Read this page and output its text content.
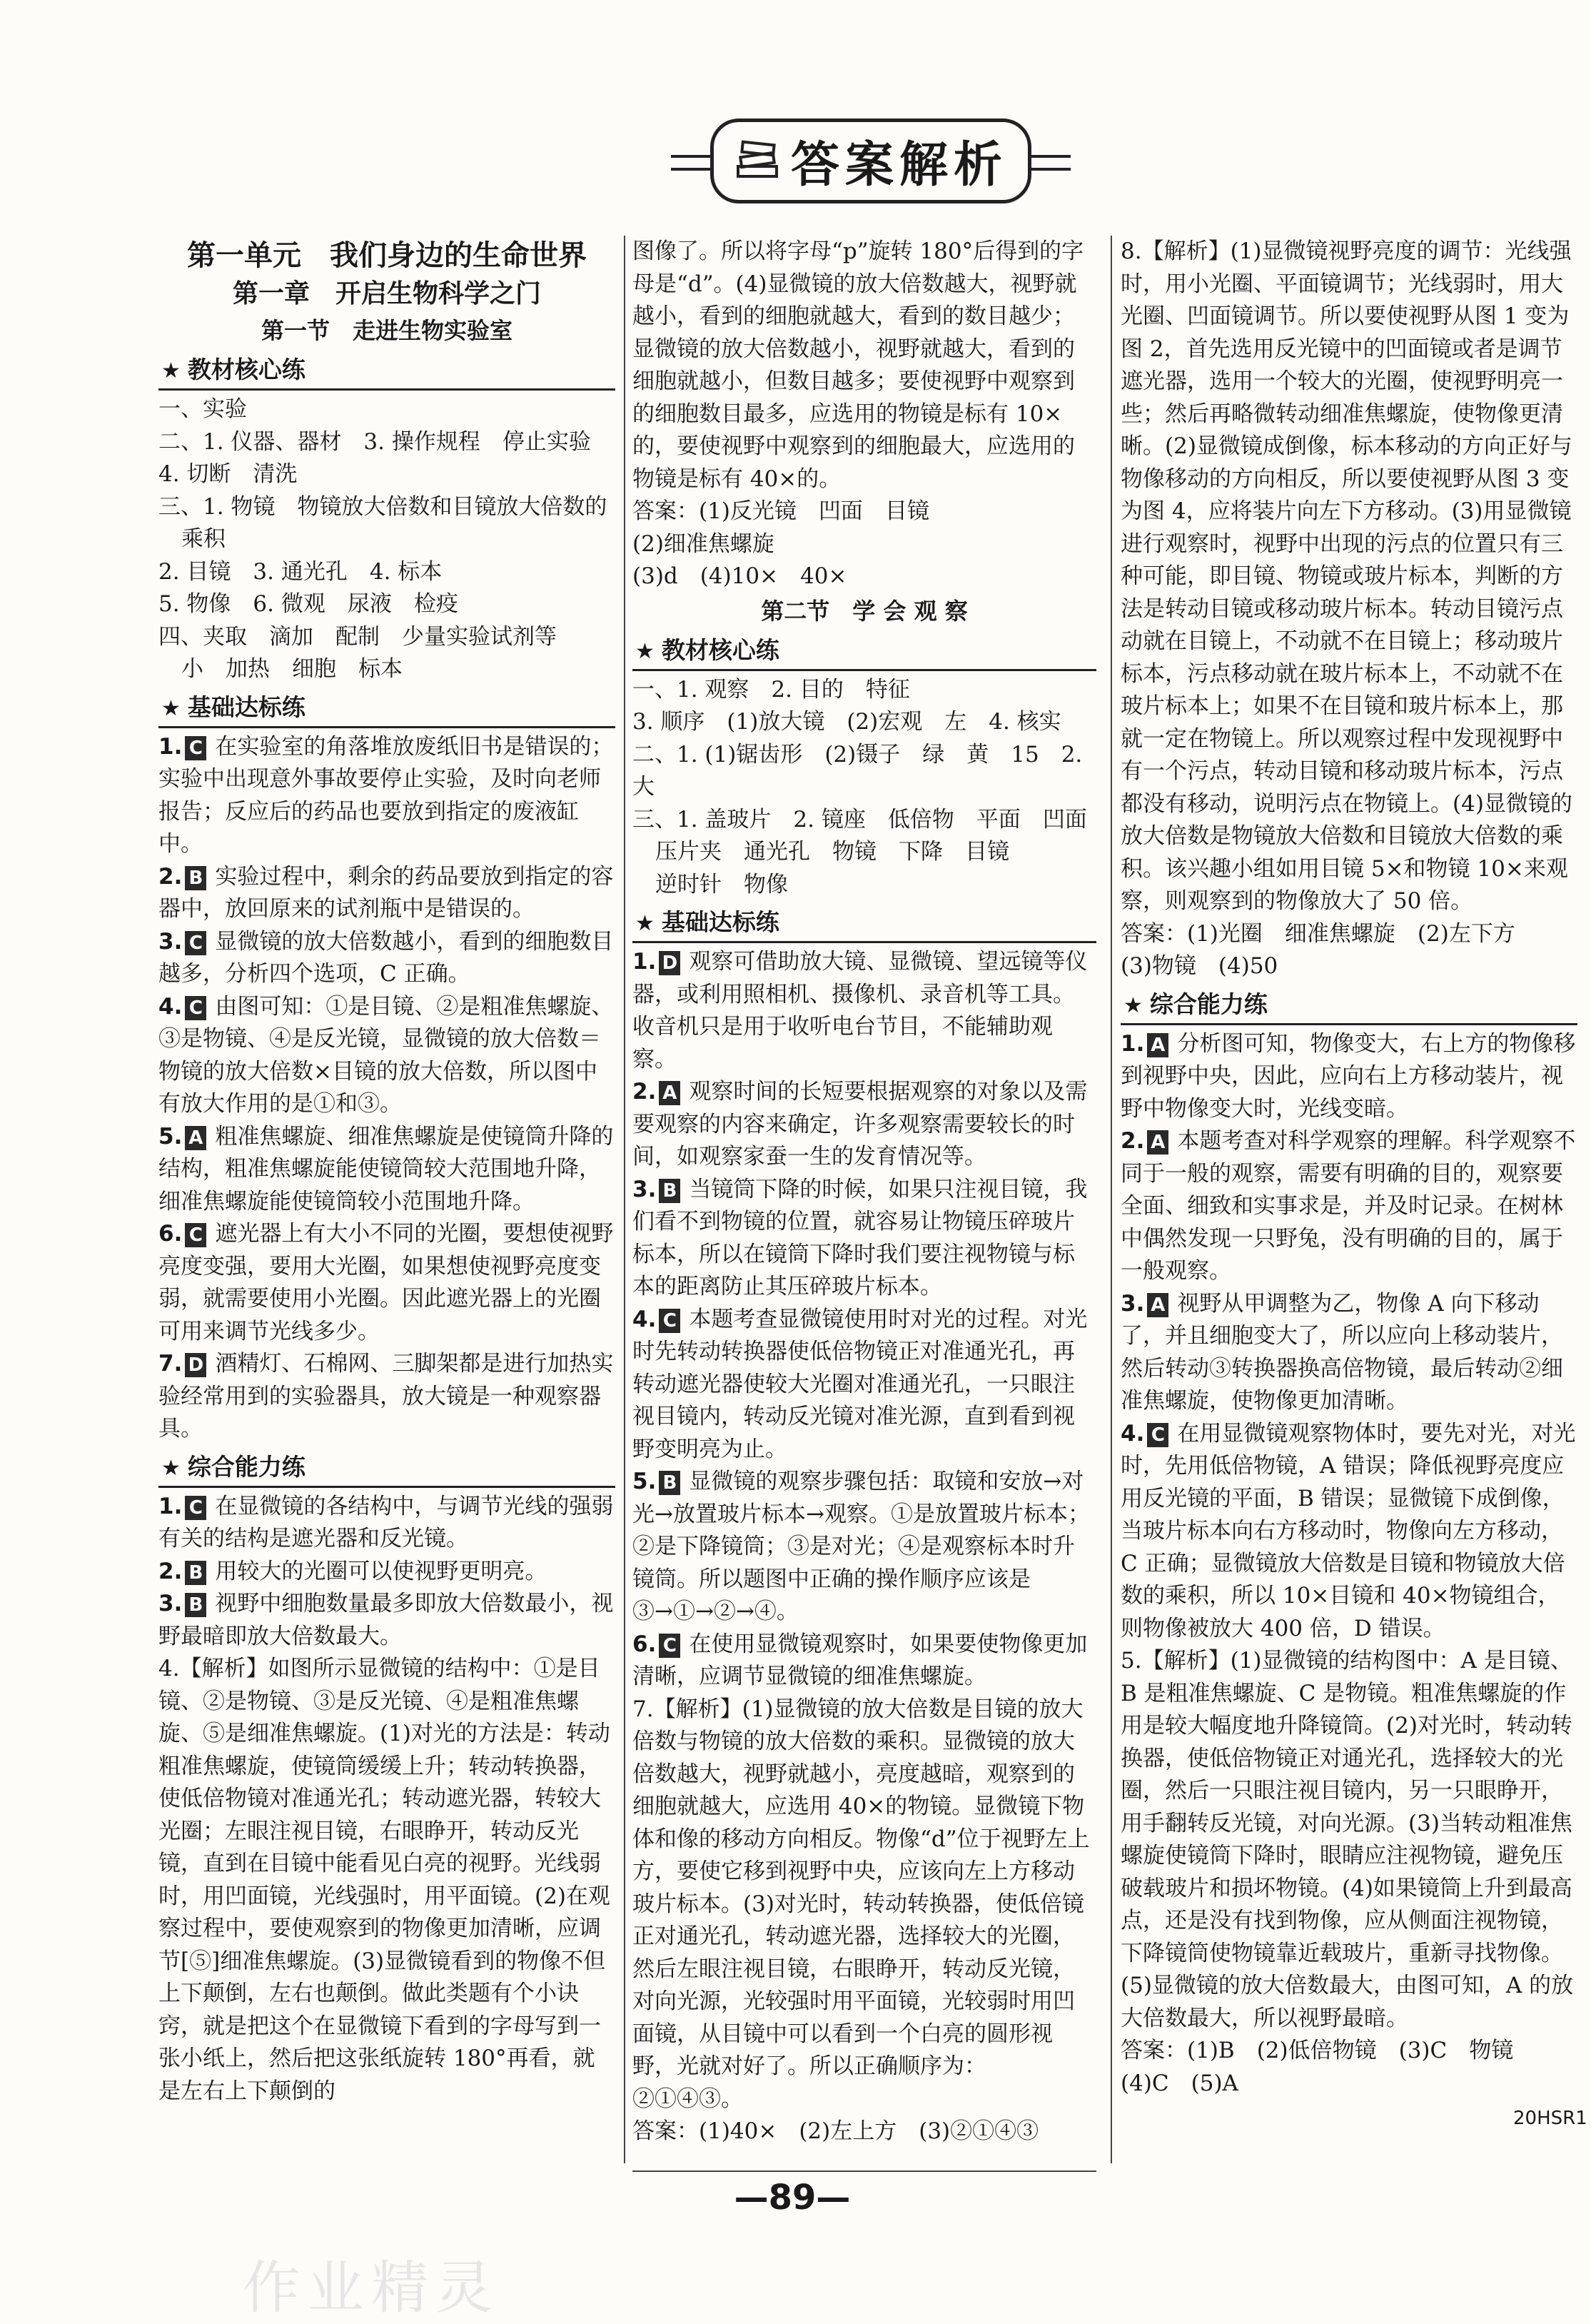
答案解析
第一单元　我们身边的生命世界
第一章　开启生物科学之门
第一节　走进生物实验室
★ 教材核心练

一、实验

二、1. 仪器、器材　3. 操作规程　停止实验

4. 切断　清洗

三、1. 物镜　物镜放大倍数和目镜放大倍数的

乘积

2. 目镜　3. 通光孔　4. 标本

5. 物像　6. 微观　尿液　检疫

四、夹取　滴加　配制　少量实验试剂等

小　加热　细胞　标本

★ 基础达标练

1. C 在实验室的角落堆放废纸旧书是错误的；实验中出现意外事故要停止实验，及时向老师报告；反应后的药品也要放到指定的废液缸中。

2. B 实验过程中，剩余的药品要放到指定的容器中，放回原来的试剂瓶中是错误的。

3. C 显微镜的放大倍数越小，看到的细胞数目越多，分析四个选项，C 正确。

4. C 由图可知：①是目镜、②是粗准焦螺旋、③是物镜、④是反光镜，显微镜的放大倍数＝物镜的放大倍数×目镜的放大倍数，所以图中有放大作用的是①和③。

5. A 粗准焦螺旋、细准焦螺旋是使镜筒升降的结构，粗准焦螺旋能使镜筒较大范围地升降，细准焦螺旋能使镜筒较小范围地升降。

6. C 遮光器上有大小不同的光圈，要想使视野亮度变强，要用大光圈，如果想使视野亮度变弱，就需要使用小光圈。因此遮光器上的光圈可用来调节光线多少。

7. D 酒精灯、石棉网、三脚架都是进行加热实验经常用到的实验器具，放大镜是一种观察器具。

★ 综合能力练

1. C 在显微镜的各结构中，与调节光线的强弱有关的结构是遮光器和反光镜。

2. B 用较大的光圈可以使视野更明亮。

3. B 视野中细胞数量最多即放大倍数最小，视野最暗即放大倍数最大。

4.【解析】如图所示显微镜的结构中：①是目镜、②是物镜、③是反光镜、④是粗准焦螺旋、⑤是细准焦螺旋。(1)对光的方法是：转动粗准焦螺旋，使镜筒缓缓上升；转动转换器，使低倍物镜对准通光孔；转动遮光器，转较大光圈；左眼注视目镜，右眼睁开，转动反光镜，直到在目镜中能看见白亮的视野。光线弱时，用凹面镜，光线强时，用平面镜。(2)在观察过程中，要使观察到的物像更加清晰，应调节[⑤]细准焦螺旋。(3)显微镜看到的物像不但上下颠倒，左右也颠倒。做此类题有个小诀窍，就是把这个在显微镜下看到的字母写到一张小纸上，然后把这张纸旋转 180°再看，就是左右上下颠倒的

图像了。所以将字母“p”旋转 180°后得到的字母是“d”。(4)显微镜的放大倍数越大，视野就越小，看到的细胞就越大，看到的数目越少；显微镜的放大倍数越小，视野就越大，看到的细胞就越小，但数目越多；要使视野中观察到的细胞数目最多，应选用的物镜是标有 10×的，要使视野中观察到的细胞最大，应选用的物镜是标有 40×的。

答案：(1)反光镜　凹面　目镜

(2)细准焦螺旋

(3)d　(4)10×　40×

第二节　学 会 观 察
★ 教材核心练

一、1. 观察　2. 目的　特征

3. 顺序　(1)放大镜　(2)宏观　左　4. 核实

二、1. (1)锯齿形　(2)镊子　绿　黄　15　2. 大

三、1. 盖玻片　2. 镜座　低倍物　平面　凹面

压片夹　通光孔　物镜　下降　目镜

逆时针　物像

★ 基础达标练

1. D 观察可借助放大镜、显微镜、望远镜等仪器，或利用照相机、摄像机、录音机等工具。收音机只是用于收听电台节目，不能辅助观察。

2. A 观察时间的长短要根据观察的对象以及需要观察的内容来确定，许多观察需要较长的时间，如观察家蚕一生的发育情况等。

3. B 当镜筒下降的时候，如果只注视目镜，我们看不到物镜的位置，就容易让物镜压碎玻片标本，所以在镜筒下降时我们要注视物镜与标本的距离防止其压碎玻片标本。

4. C 本题考查显微镜使用时对光的过程。对光时先转动转换器使低倍物镜正对准通光孔，再转动遮光器使较大光圈对准通光孔，一只眼注视目镜内，转动反光镜对准光源，直到看到视野变明亮为止。

5. B 显微镜的观察步骤包括：取镜和安放→对光→放置玻片标本→观察。①是放置玻片标本；②是下降镜筒；③是对光；④是观察标本时升镜筒。所以题图中正确的操作顺序应该是③→①→②→④。

6. C 在使用显微镜观察时，如果要使物像更加清晰，应调节显微镜的细准焦螺旋。

7.【解析】(1)显微镜的放大倍数是目镜的放大倍数与物镜的放大倍数的乘积。显微镜的放大倍数越大，视野就越小，亮度越暗，观察到的细胞就越大，应选用 40×的物镜。显微镜下物体和像的移动方向相反。物像“d”位于视野左上方，要使它移到视野中央，应该向左上方移动玻片标本。(3)对光时，转动转换器，使低倍镜正对通光孔，转动遮光器，选择较大的光圈，然后左眼注视目镜，右眼睁开，转动反光镜，对向光源，光较强时用平面镜，光较弱时用凹面镜，从目镜中可以看到一个白亮的圆形视野，光就对好了。所以正确顺序为：②①④③。

答案：(1)40×　(2)左上方　(3)②①④③

8.【解析】(1)显微镜视野亮度的调节：光线强时，用小光圈、平面镜调节；光线弱时，用大光圈、凹面镜调节。所以要使视野从图 1 变为图 2，首先选用反光镜中的凹面镜或者是调节遮光器，选用一个较大的光圈，使视野明亮一些；然后再略微转动细准焦螺旋，使物像更清晰。(2)显微镜成倒像，标本移动的方向正好与物像移动的方向相反，所以要使视野从图 3 变为图 4，应将装片向左下方移动。(3)用显微镜进行观察时，视野中出现的污点的位置只有三种可能，即目镜、物镜或玻片标本，判断的方法是转动目镜或移动玻片标本。转动目镜污点动就在目镜上，不动就不在目镜上；移动玻片标本，污点移动就在玻片标本上，不动就不在玻片标本上；如果不在目镜和玻片标本上，那就一定在物镜上。所以观察过程中发现视野中有一个污点，转动目镜和移动玻片标本，污点都没有移动，说明污点在物镜上。(4)显微镜的放大倍数是物镜放大倍数和目镜放大倍数的乘积。该兴趣小组如用目镜 5×和物镜 10×来观察，则观察到的物像放大了 50 倍。

答案：(1)光圈　细准焦螺旋　(2)左下方

(3)物镜　(4)50

★ 综合能力练

1. A 分析图可知，物像变大，右上方的物像移到视野中央，因此，应向右上方移动装片，视野中物像变大时，光线变暗。

2. A 本题考查对科学观察的理解。科学观察不同于一般的观察，需要有明确的目的，观察要全面、细致和实事求是，并及时记录。在树林中偶然发现一只野兔，没有明确的目的，属于一般观察。

3. A 视野从甲调整为乙，物像 A 向下移动了，并且细胞变大了，所以应向上移动装片，然后转动③转换器换高倍物镜，最后转动②细准焦螺旋，使物像更加清晰。

4. C 在用显微镜观察物体时，要先对光，对光时，先用低倍物镜，A 错误；降低视野亮度应用反光镜的平面，B 错误；显微镜下成倒像，当玻片标本向右方移动时，物像向左方移动，C 正确；显微镜放大倍数是目镜和物镜放大倍数的乘积，所以 10×目镜和 40×物镜组合，则物像被放大 400 倍，D 错误。

5.【解析】(1)显微镜的结构图中：A 是目镜、B 是粗准焦螺旋、C 是物镜。粗准焦螺旋的作用是较大幅度地升降镜筒。(2)对光时，转动转换器，使低倍物镜正对通光孔，选择较大的光圈，然后一只眼注视目镜内，另一只眼睁开，用手翻转反光镜，对向光源。(3)当转动粗准焦螺旋使镜筒下降时，眼睛应注视物镜，避免压破载玻片和损坏物镜。(4)如果镜筒上升到最高点，还是没有找到物像，应从侧面注视物镜，下降镜筒使物镜靠近载玻片，重新寻找物像。(5)显微镜的放大倍数最大，由图可知，A 的放大倍数最大，所以视野最暗。

答案：(1)B　(2)低倍物镜　(3)C　物镜

(4)C　(5)A

—89—
20HSR1
作业精灵
